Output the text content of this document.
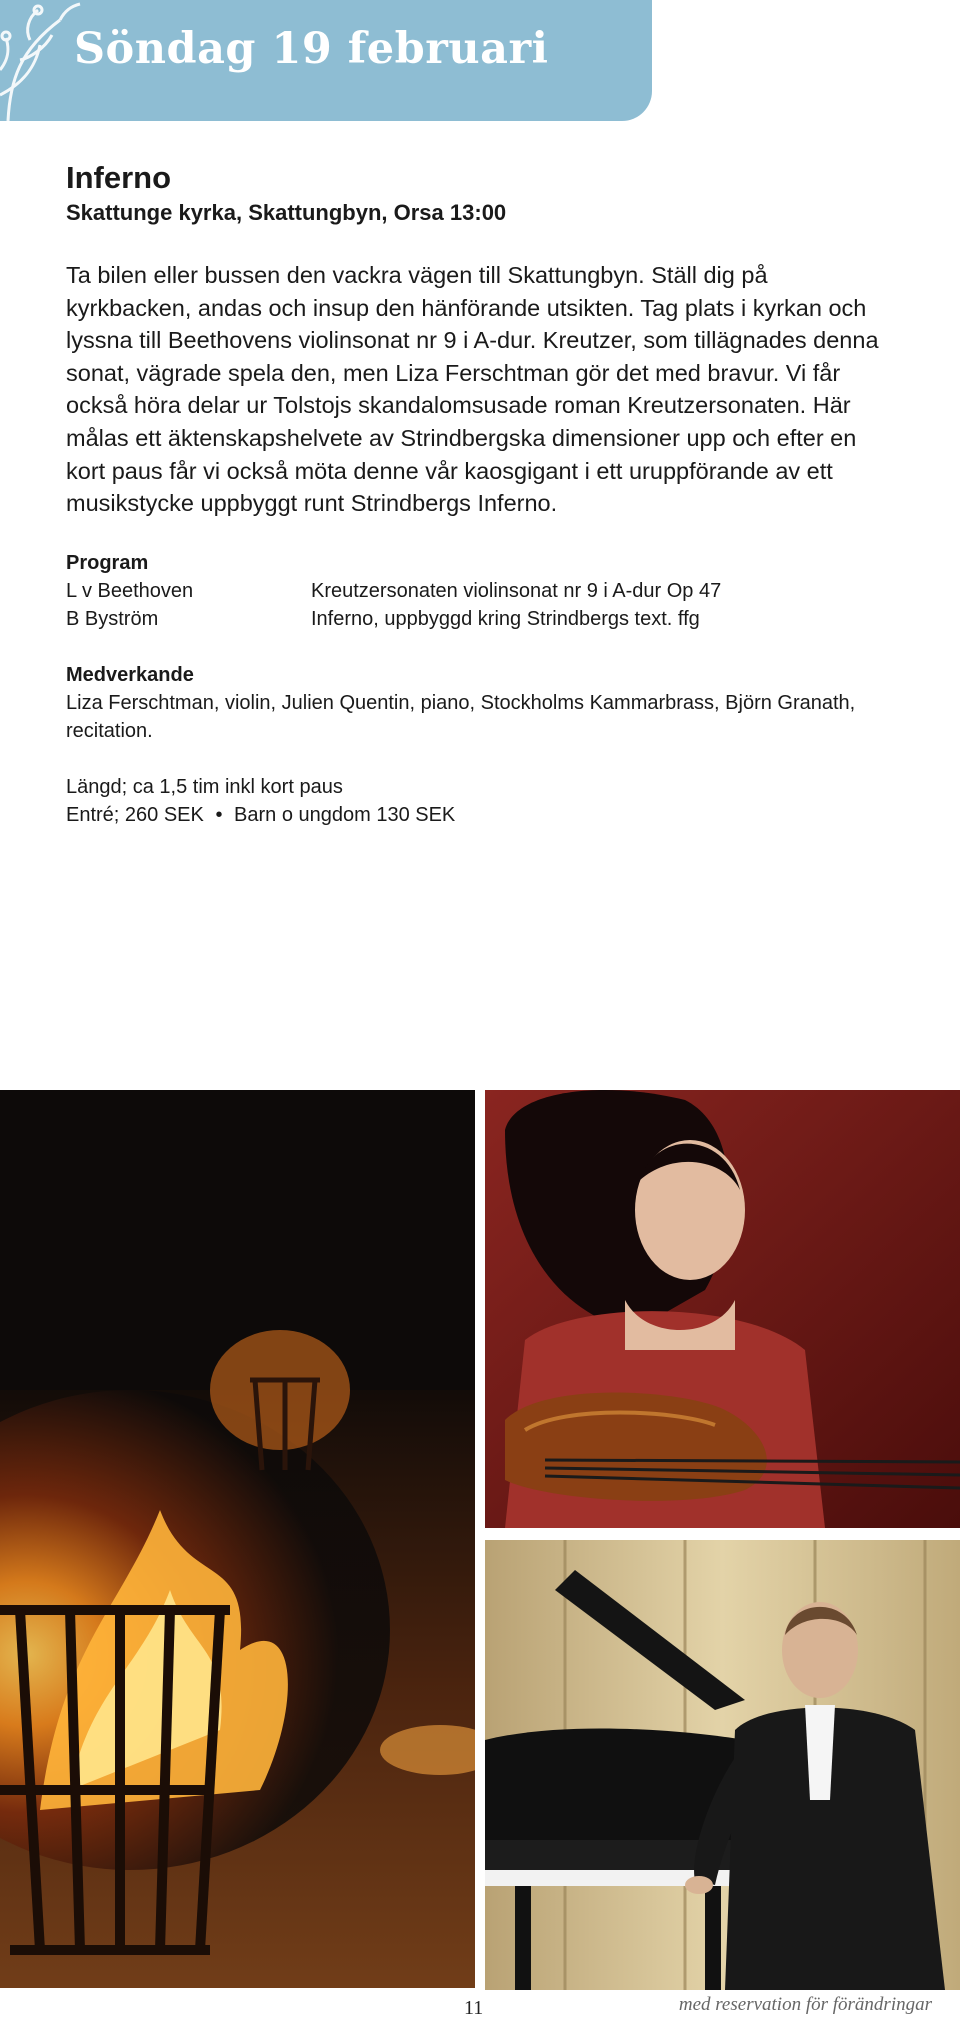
Söndag 19 februari
Inferno
Skattunge kyrka, Skattungbyn, Orsa 13:00

Ta bilen eller bussen den vackra vägen till Skattungbyn. Ställ dig på kyrkbacken, andas och insup den hänförande utsikten. Tag plats i kyrkan och lyssna till Beethovens violinsonat nr 9 i A-dur. Kreutzer, som tillägnades denna sonat, vägrade spela den, men Liza Ferschtman gör det med bravur. Vi får också höra delar ur Tolstojs skandalomsusade roman Kreutzersonaten. Här målas ett äktenskapshelvete av Strindbergska dimensioner upp och efter en kort paus får vi också möta denne vår kaosgigant i ett uruppförande av ett musikstycke uppbyggt runt Strindbergs Inferno.

Program
L v Beethoven	Kreutzersonaten violinsonat nr 9 i A-dur Op 47
B Byström	Inferno, uppbyggd kring Strindbergs text. ffg
Medverkande

Liza Ferschtman, violin, Julien Quentin, piano, Stockholms Kammarbrass, Björn Granath, recitation.

Längd; ca 1,5 tim inkl kort paus

Entré; 260 SEK • Barn o ungdom 130 SEK

11	med reservation för förändringar
